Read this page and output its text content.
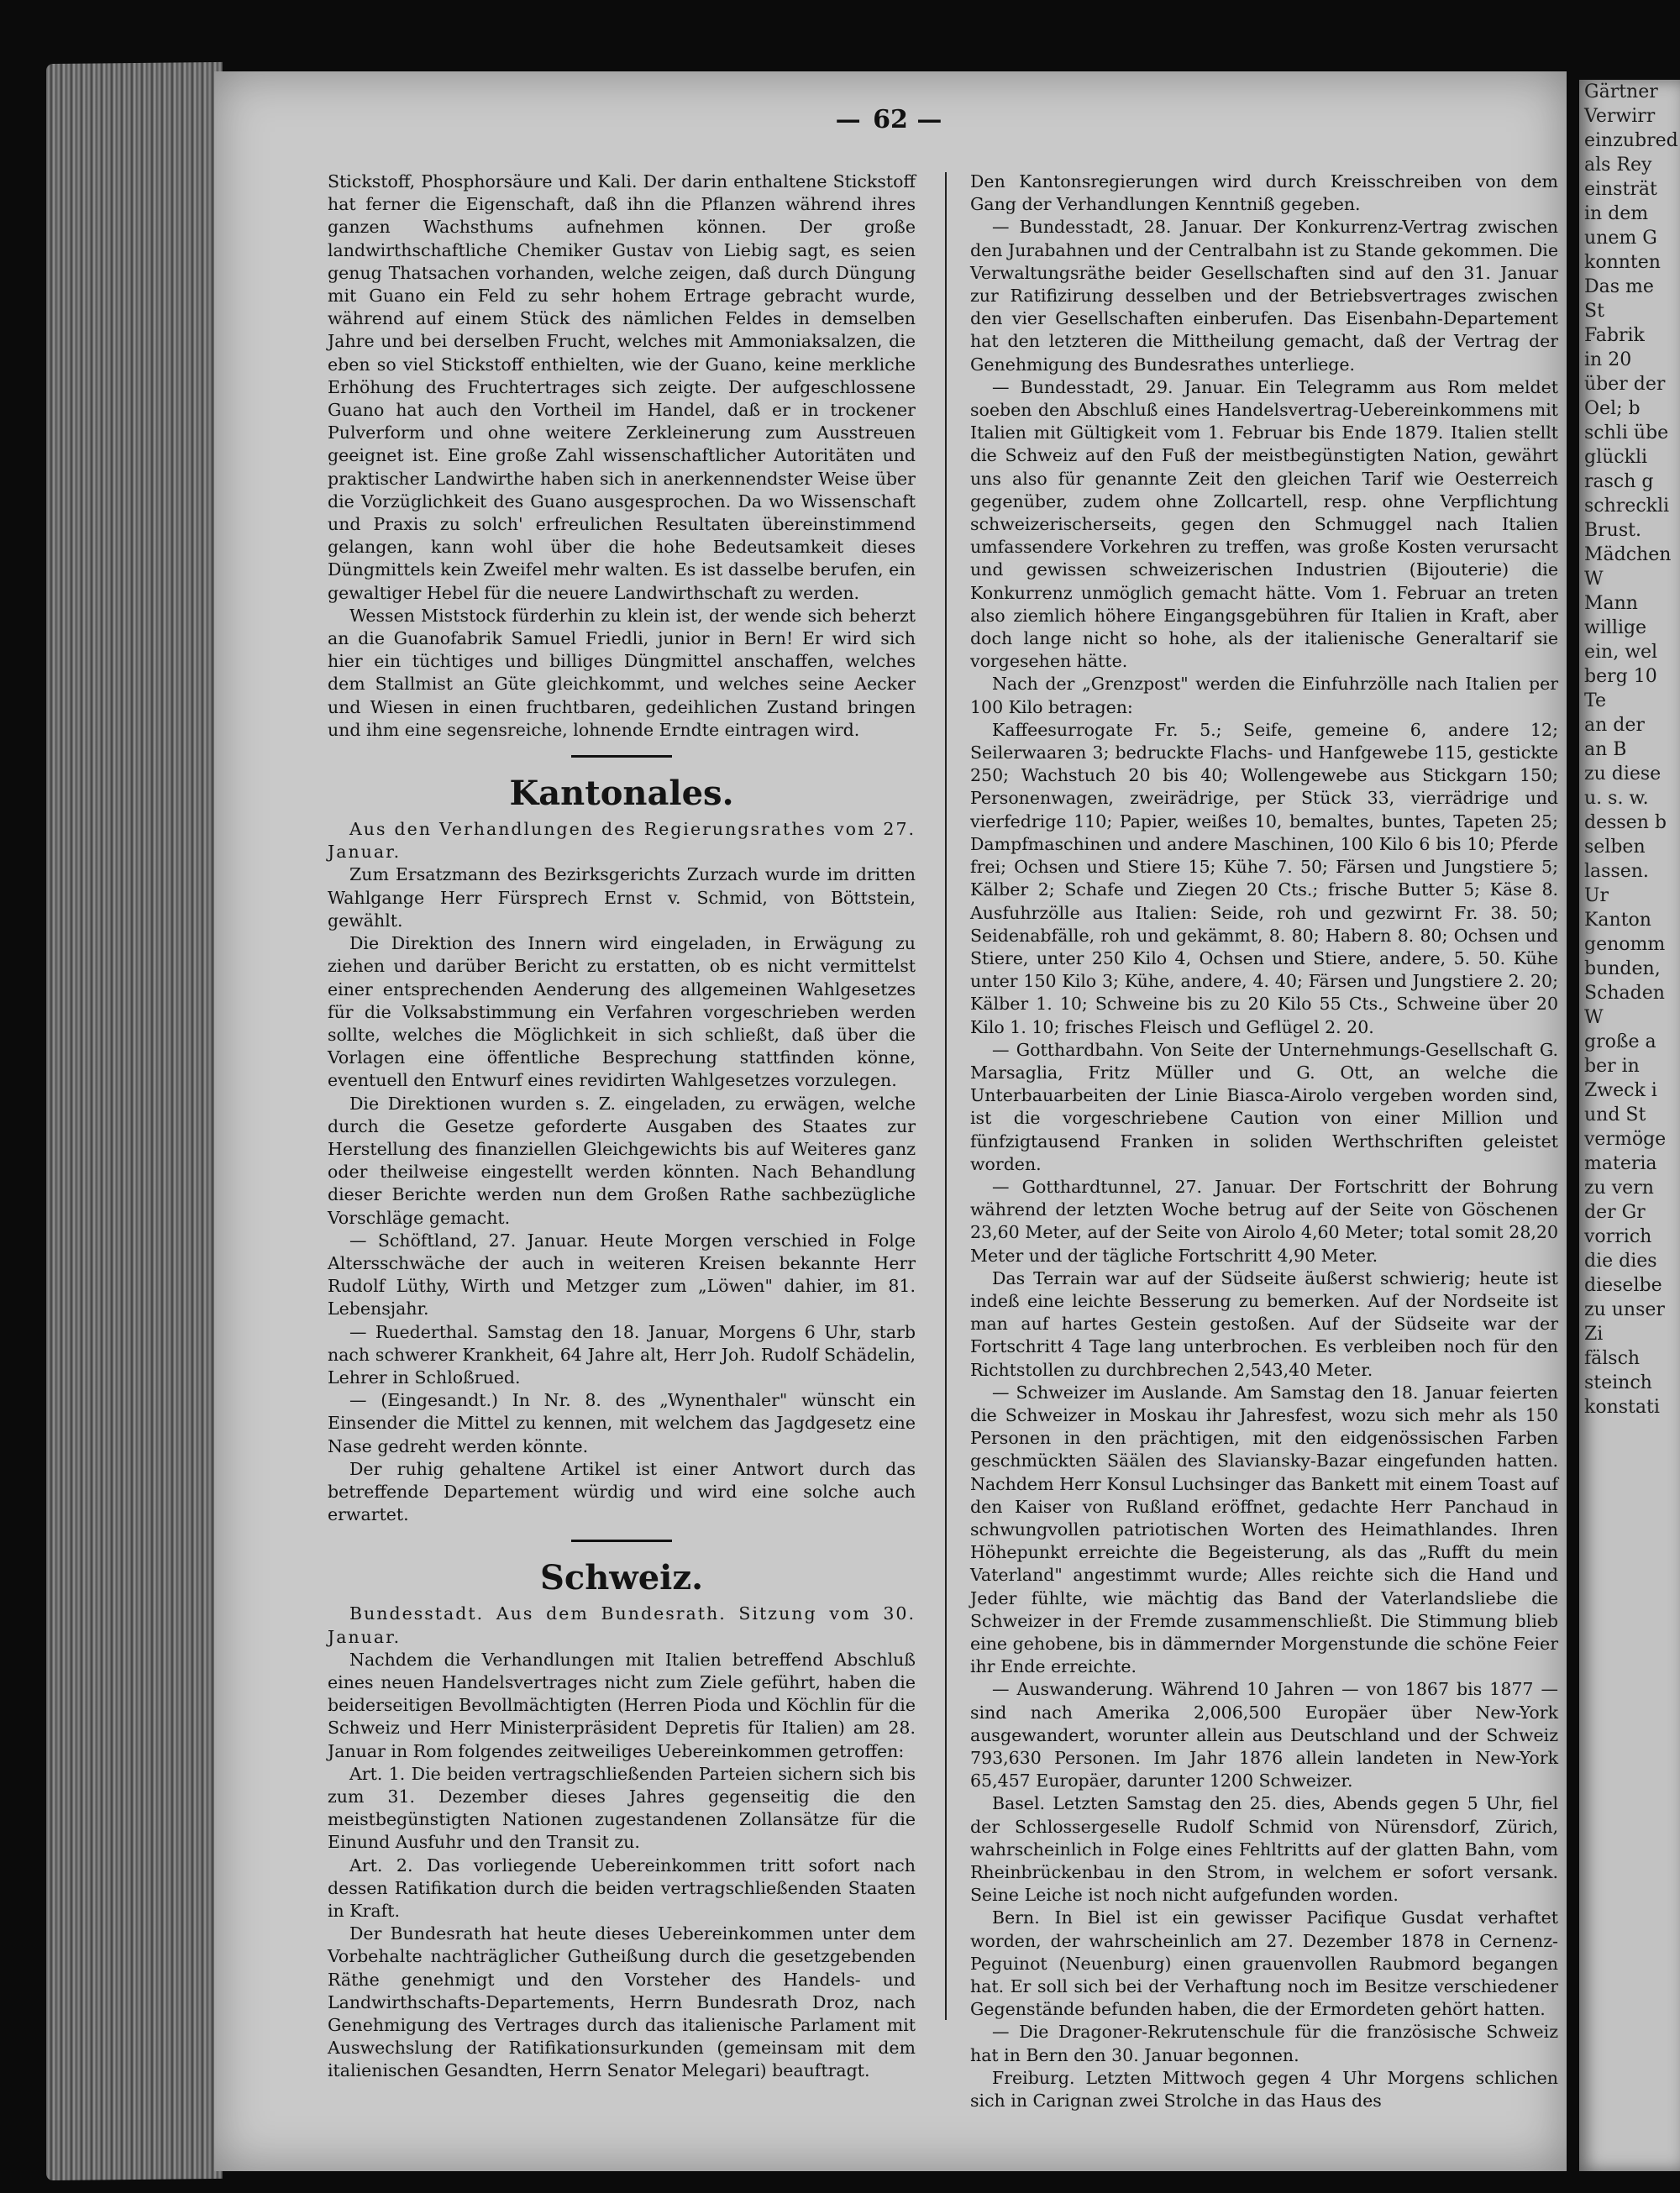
— 62 —

Stickstoff, Phosphorsäure und Kali. Der darin enthaltene Stickstoff hat ferner die Eigenschaft, daß ihn die Pflanzen während ihres ganzen Wachsthums aufnehmen können. Der große landwirthschaftliche Chemiker Gustav von Liebig sagt, es seien genug Thatsachen vorhanden, welche zeigen, daß durch Düngung mit Guano ein Feld zu sehr hohem Ertrage gebracht wurde, während auf einem Stück des nämlichen Feldes in demselben Jahre und bei derselben Frucht, welches mit Ammoniaksalzen, die eben so viel Stickstoff enthielten, wie der Guano, keine merkliche Erhöhung des Fruchtertrages sich zeigte. Der aufgeschlossene Guano hat auch den Vortheil im Handel, daß er in trockener Pulverform und ohne weitere Zerkleinerung zum Ausstreuen geeignet ist. Eine große Zahl wissenschaftlicher Autoritäten und praktischer Landwirthe haben sich in anerkennendster Weise über die Vorzüglichkeit des Guano ausgesprochen. Da wo Wissenschaft und Praxis zu solch' erfreulichen Resultaten übereinstimmend gelangen, kann wohl über die hohe Bedeutsamkeit dieses Düngmittels kein Zweifel mehr walten. Es ist dasselbe berufen, ein gewaltiger Hebel für die neuere Landwirthschaft zu werden.

Wessen Miststock fürderhin zu klein ist, der wende sich beherzt an die Guanofabrik Samuel Friedli, junior in Bern! Er wird sich hier ein tüchtiges und billiges Düngmittel anschaffen, welches dem Stallmist an Güte gleichkommt, und welches seine Aecker und Wiesen in einen fruchtbaren, gedeihlichen Zustand bringen und ihm eine segensreiche, lohnende Erndte eintragen wird.

Kantonales.

Aus den Verhandlungen des Regierungsrathes vom 27. Januar.

Zum Ersatzmann des Bezirksgerichts Zurzach wurde im dritten Wahlgange Herr Fürsprech Ernst v. Schmid, von Böttstein, gewählt.

Die Direktion des Innern wird eingeladen, in Erwägung zu ziehen und darüber Bericht zu erstatten, ob es nicht vermittelst einer entsprechenden Aenderung des allgemeinen Wahlgesetzes für die Volksabstimmung ein Verfahren vorgeschrieben werden sollte, welches die Möglichkeit in sich schließt, daß über die Vorlagen eine öffentliche Besprechung stattfinden könne, eventuell den Entwurf eines revidirten Wahlgesetzes vorzulegen.

Die Direktionen wurden s. Z. eingeladen, zu erwägen, welche durch die Gesetze geforderte Ausgaben des Staates zur Herstellung des finanziellen Gleichgewichts bis auf Weiteres ganz oder theilweise eingestellt werden könnten. Nach Behandlung dieser Berichte werden nun dem Großen Rathe sachbezügliche Vorschläge gemacht.

— Schöftland, 27. Januar. Heute Morgen verschied in Folge Altersschwäche der auch in weiteren Kreisen bekannte Herr Rudolf Lüthy, Wirth und Metzger zum „Löwen" dahier, im 81. Lebensjahr.

— Ruederthal. Samstag den 18. Januar, Morgens 6 Uhr, starb nach schwerer Krankheit, 64 Jahre alt, Herr Joh. Rudolf Schädelin, Lehrer in Schloßrued.

— (Eingesandt.) In Nr. 8. des „Wynenthaler" wünscht ein Einsender die Mittel zu kennen, mit welchem das Jagdgesetz eine Nase gedreht werden könnte.

Der ruhig gehaltene Artikel ist einer Antwort durch das betreffende Departement würdig und wird eine solche auch erwartet.

Schweiz.

Bundesstadt. Aus dem Bundesrath. Sitzung vom 30. Januar.

Nachdem die Verhandlungen mit Italien betreffend Abschluß eines neuen Handelsvertrages nicht zum Ziele geführt, haben die beiderseitigen Bevollmächtigten (Herren Pioda und Köchlin für die Schweiz und Herr Ministerpräsident Depretis für Italien) am 28. Januar in Rom folgendes zeitweiliges Uebereinkommen getroffen:

Art. 1. Die beiden vertragschließenden Parteien sichern sich bis zum 31. Dezember dieses Jahres gegenseitig die den meistbegünstigten Nationen zugestandenen Zollansätze für die Einund Ausfuhr und den Transit zu.

Art. 2. Das vorliegende Uebereinkommen tritt sofort nach dessen Ratifikation durch die beiden vertragschließenden Staaten in Kraft.

Der Bundesrath hat heute dieses Uebereinkommen unter dem Vorbehalte nachträglicher Gutheißung durch die gesetzgebenden Räthe genehmigt und den Vorsteher des Handels- und Landwirthschafts-Departements, Herrn Bundesrath Droz, nach Genehmigung des Vertrages durch das italienische Parlament mit Auswechslung der Ratifikationsurkunden (gemeinsam mit dem italienischen Gesandten, Herrn Senator Melegari) beauftragt.

Den Kantonsregierungen wird durch Kreisschreiben von dem Gang der Verhandlungen Kenntniß gegeben.

— Bundesstadt, 28. Januar. Der Konkurrenz-Vertrag zwischen den Jurabahnen und der Centralbahn ist zu Stande gekommen. Die Verwaltungsräthe beider Gesellschaften sind auf den 31. Januar zur Ratifizirung desselben und der Betriebsvertrages zwischen den vier Gesellschaften einberufen. Das Eisenbahn-Departement hat den letzteren die Mittheilung gemacht, daß der Vertrag der Genehmigung des Bundesrathes unterliege.

— Bundesstadt, 29. Januar. Ein Telegramm aus Rom meldet soeben den Abschluß eines Handelsvertrag-Uebereinkommens mit Italien mit Gültigkeit vom 1. Februar bis Ende 1879. Italien stellt die Schweiz auf den Fuß der meistbegünstigten Nation, gewährt uns also für genannte Zeit den gleichen Tarif wie Oesterreich gegenüber, zudem ohne Zollcartell, resp. ohne Verpflichtung schweizerischerseits, gegen den Schmuggel nach Italien umfassendere Vorkehren zu treffen, was große Kosten verursacht und gewissen schweizerischen Industrien (Bijouterie) die Konkurrenz unmöglich gemacht hätte. Vom 1. Februar an treten also ziemlich höhere Eingangsgebühren für Italien in Kraft, aber doch lange nicht so hohe, als der italienische Generaltarif sie vorgesehen hätte.

Nach der „Grenzpost" werden die Einfuhrzölle nach Italien per 100 Kilo betragen:

Kaffeesurrogate Fr. 5.; Seife, gemeine 6, andere 12; Seilerwaaren 3; bedruckte Flachs- und Hanfgewebe 115, gestickte 250; Wachstuch 20 bis 40; Wollengewebe aus Stickgarn 150; Personenwagen, zweirädrige, per Stück 33, vierrädrige und vierfedrige 110; Papier, weißes 10, bemaltes, buntes, Tapeten 25; Dampfmaschinen und andere Maschinen, 100 Kilo 6 bis 10; Pferde frei; Ochsen und Stiere 15; Kühe 7. 50; Färsen und Jungstiere 5; Kälber 2; Schafe und Ziegen 20 Cts.; frische Butter 5; Käse 8. Ausfuhrzölle aus Italien: Seide, roh und gezwirnt Fr. 38. 50; Seidenabfälle, roh und gekämmt, 8. 80; Habern 8. 80; Ochsen und Stiere, unter 250 Kilo 4, Ochsen und Stiere, andere, 5. 50. Kühe unter 150 Kilo 3; Kühe, andere, 4. 40; Färsen und Jungstiere 2. 20; Kälber 1. 10; Schweine bis zu 20 Kilo 55 Cts., Schweine über 20 Kilo 1. 10; frisches Fleisch und Geflügel 2. 20.

— Gotthardbahn. Von Seite der Unternehmungs-Gesellschaft G. Marsaglia, Fritz Müller und G. Ott, an welche die Unterbauarbeiten der Linie Biasca-Airolo vergeben worden sind, ist die vorgeschriebene Caution von einer Million und fünfzigtausend Franken in soliden Werthschriften geleistet worden.

— Gotthardtunnel, 27. Januar. Der Fortschritt der Bohrung während der letzten Woche betrug auf der Seite von Göschenen 23,60 Meter, auf der Seite von Airolo 4,60 Meter; total somit 28,20 Meter und der tägliche Fortschritt 4,90 Meter.

Das Terrain war auf der Südseite äußerst schwierig; heute ist indeß eine leichte Besserung zu bemerken. Auf der Nordseite ist man auf hartes Gestein gestoßen. Auf der Südseite war der Fortschritt 4 Tage lang unterbrochen. Es verbleiben noch für den Richtstollen zu durchbrechen 2,543,40 Meter.

— Schweizer im Auslande. Am Samstag den 18. Januar feierten die Schweizer in Moskau ihr Jahresfest, wozu sich mehr als 150 Personen in den prächtigen, mit den eidgenössischen Farben geschmückten Säälen des Slaviansky-Bazar eingefunden hatten. Nachdem Herr Konsul Luchsinger das Bankett mit einem Toast auf den Kaiser von Rußland eröffnet, gedachte Herr Panchaud in schwungvollen patriotischen Worten des Heimathlandes. Ihren Höhepunkt erreichte die Begeisterung, als das „Rufft du mein Vaterland" angestimmt wurde; Alles reichte sich die Hand und Jeder fühlte, wie mächtig das Band der Vaterlandsliebe die Schweizer in der Fremde zusammenschließt. Die Stimmung blieb eine gehobene, bis in dämmernder Morgenstunde die schöne Feier ihr Ende erreichte.

— Auswanderung. Während 10 Jahren — von 1867 bis 1877 — sind nach Amerika 2,006,500 Europäer über New-York ausgewandert, worunter allein aus Deutschland und der Schweiz 793,630 Personen. Im Jahr 1876 allein landeten in New-York 65,457 Europäer, darunter 1200 Schweizer.

Basel. Letzten Samstag den 25. dies, Abends gegen 5 Uhr, fiel der Schlossergeselle Rudolf Schmid von Nürensdorf, Zürich, wahrscheinlich in Folge eines Fehltritts auf der glatten Bahn, vom Rheinbrückenbau in den Strom, in welchem er sofort versank. Seine Leiche ist noch nicht aufgefunden worden.

Bern. In Biel ist ein gewisser Pacifique Gusdat verhaftet worden, der wahrscheinlich am 27. Dezember 1878 in Cernenz-Peguinot (Neuenburg) einen grauenvollen Raubmord begangen hat. Er soll sich bei der Verhaftung noch im Besitze verschiedener Gegenstände befunden haben, die der Ermordeten gehört hatten.

— Die Dragoner-Rekrutenschule für die französische Schweiz hat in Bern den 30. Januar begonnen.

Freiburg. Letzten Mittwoch gegen 4 Uhr Morgens schlichen sich in Carignan zwei Strolche in das Haus des

Gärtner

Verwirr

einzubred

als Rey

einsträt

in dem

unem G

konnten

Das me

St

Fabrik

in 20

über der

Oel; b

schli übe

glückli

rasch g

schreckli

Brust.

Mädchen

W

Mann

willige

ein, wel

berg 10

Te

an der

an B

zu diese

u. s. w.

dessen b

selben

lassen.

Ur

Kanton

genomm

bunden,

Schaden

W

große a

ber in

Zweck i

und St

vermöge

materia

zu vern

der Gr

vorrich

die dies

dieselbe

zu unser

Zi

fälsch

steinch

konstati
